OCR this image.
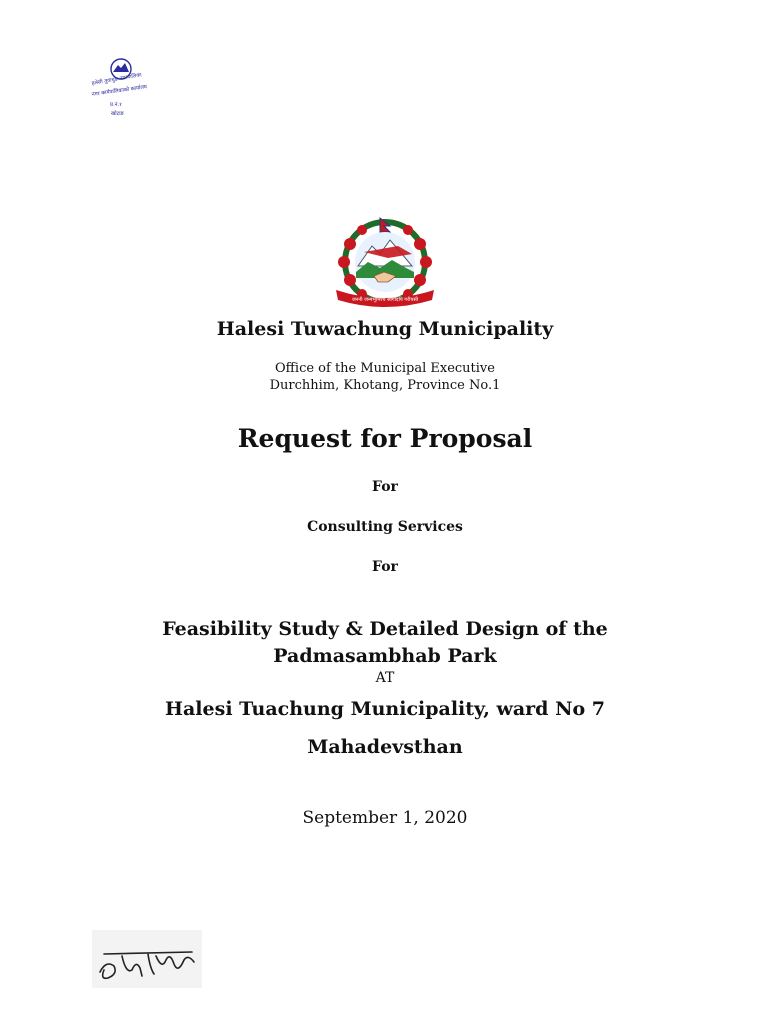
हलेसी तुवाचुङ नगरपालिका
नगर कार्यपालिकाको कार्यालय
प्र.नं.१
खोटाङ
जननी जन्मभूमिश्च स्वर्गादपि गरीयसी
Halesi Tuwachung Municipality
Office of the Municipal Executive
Durchhim, Khotang, Province No.1
Request for Proposal
For
Consulting Services
For
Feasibility Study & Detailed Design of the
Padmasambhab Park
AT
Halesi Tuachung Municipality, ward No 7
Mahadevsthan
September 1, 2020
